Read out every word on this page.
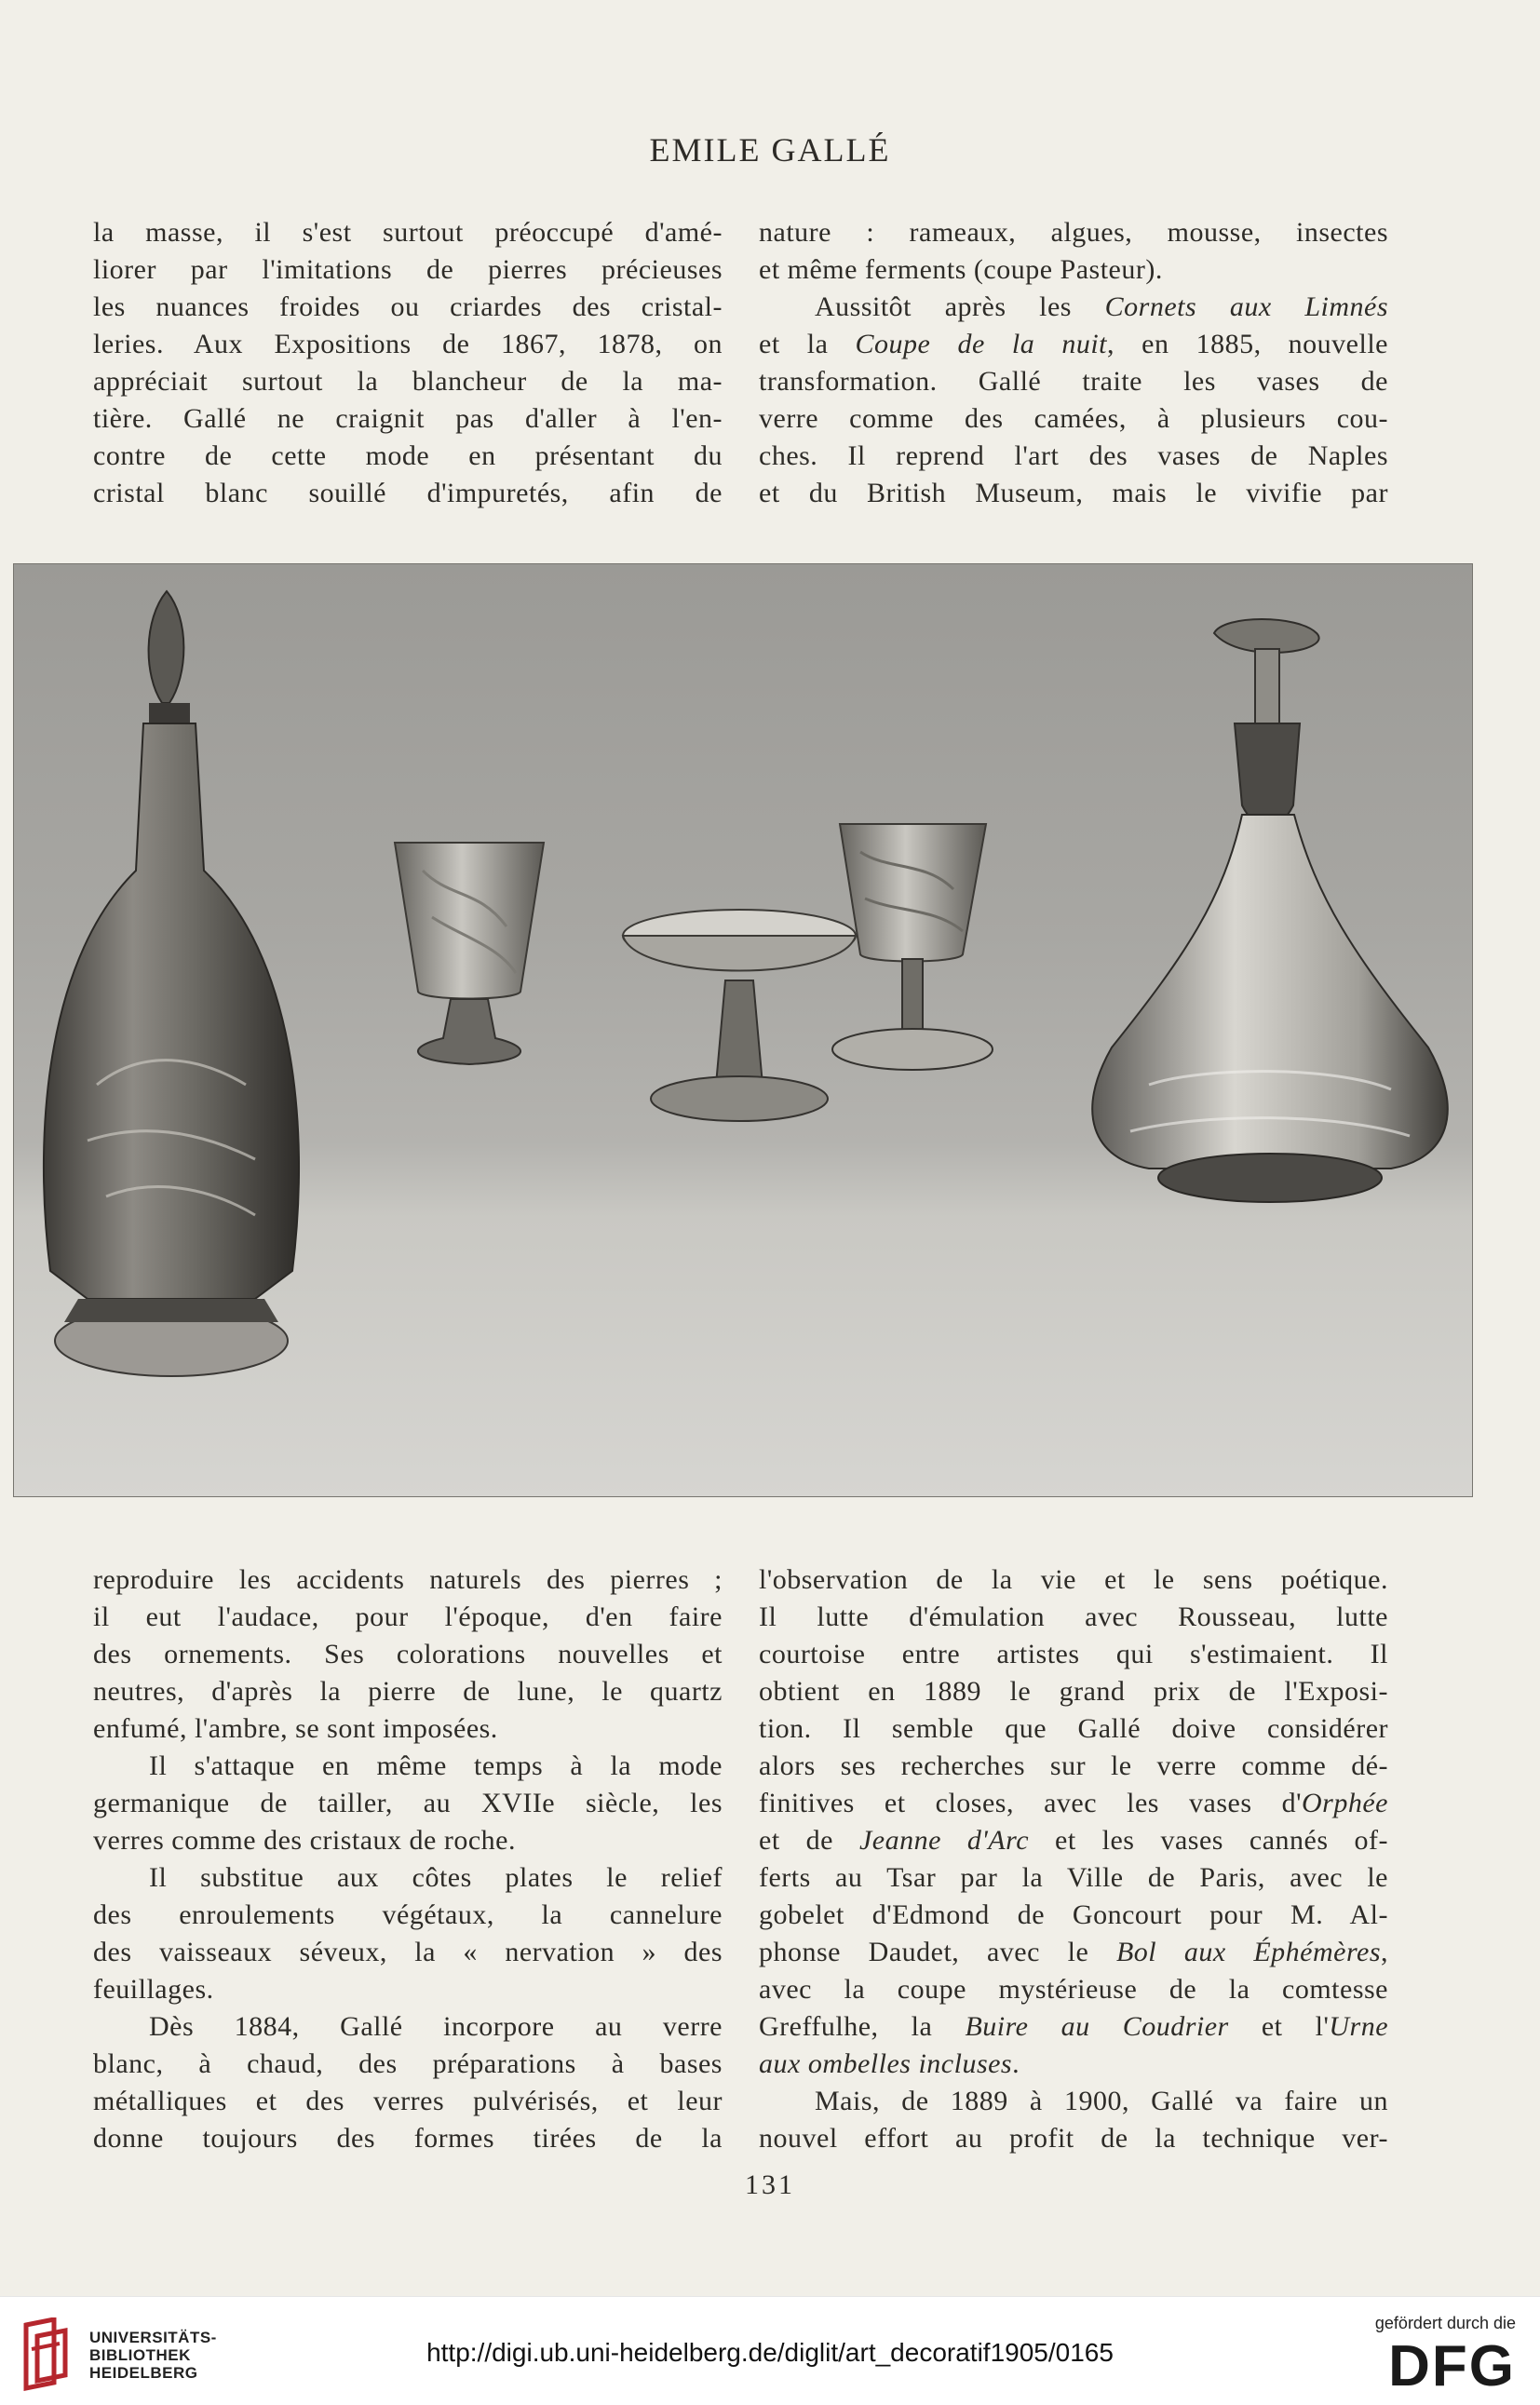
EMILE GALLÉ
la masse, il s'est surtout préoccupé d'amé-
liorer par l'imitations de pierres précieuses
les nuances froides ou criardes des cristal-
leries. Aux Expositions de 1867, 1878, on
appréciait surtout la blancheur de la ma-
tière. Gallé ne craignit pas d'aller à l'en-
contre de cette mode en présentant du
cristal blanc souillé d'impuretés, afin de
nature : rameaux, algues, mousse, insectes
et même ferments (coupe Pasteur).
Aussitôt après les Cornets aux Limnés
et la Coupe de la nuit, en 1885, nouvelle
transformation. Gallé traite les vases de
verre comme des camées, à plusieurs cou-
ches. Il reprend l'art des vases de Naples
et du British Museum, mais le vivifie par
reproduire les accidents naturels des pierres ;
il eut l'audace, pour l'époque, d'en faire
des ornements. Ses colorations nouvelles et
neutres, d'après la pierre de lune, le quartz
enfumé, l'ambre, se sont imposées.
Il s'attaque en même temps à la mode
germanique de tailler, au XVIIe siècle, les
verres comme des cristaux de roche.
Il substitue aux côtes plates le relief
des enroulements végétaux, la cannelure
des vaisseaux séveux, la « nervation » des
feuillages.
Dès 1884, Gallé incorpore au verre
blanc, à chaud, des préparations à bases
métalliques et des verres pulvérisés, et leur
donne toujours des formes tirées de la
l'observation de la vie et le sens poétique.
Il lutte d'émulation avec Rousseau, lutte
courtoise entre artistes qui s'estimaient. Il
obtient en 1889 le grand prix de l'Exposi-
tion. Il semble que Gallé doive considérer
alors ses recherches sur le verre comme dé-
finitives et closes, avec les vases d'Orphée
et de Jeanne d'Arc et les vases cannés of-
ferts au Tsar par la Ville de Paris, avec le
gobelet d'Edmond de Goncourt pour M. Al-
phonse Daudet, avec le Bol aux Éphémères,
avec la coupe mystérieuse de la comtesse
Greffulhe, la Buire au Coudrier et l'Urne
aux ombelles incluses.
Mais, de 1889 à 1900, Gallé va faire un
nouvel effort au profit de la technique ver-
131
UNIVERSITÄTS-
BIBLIOTHEK
HEIDELBERG
http://digi.ub.uni-heidelberg.de/diglit/art_decoratif1905/0165
gefördert durch die
DFG
